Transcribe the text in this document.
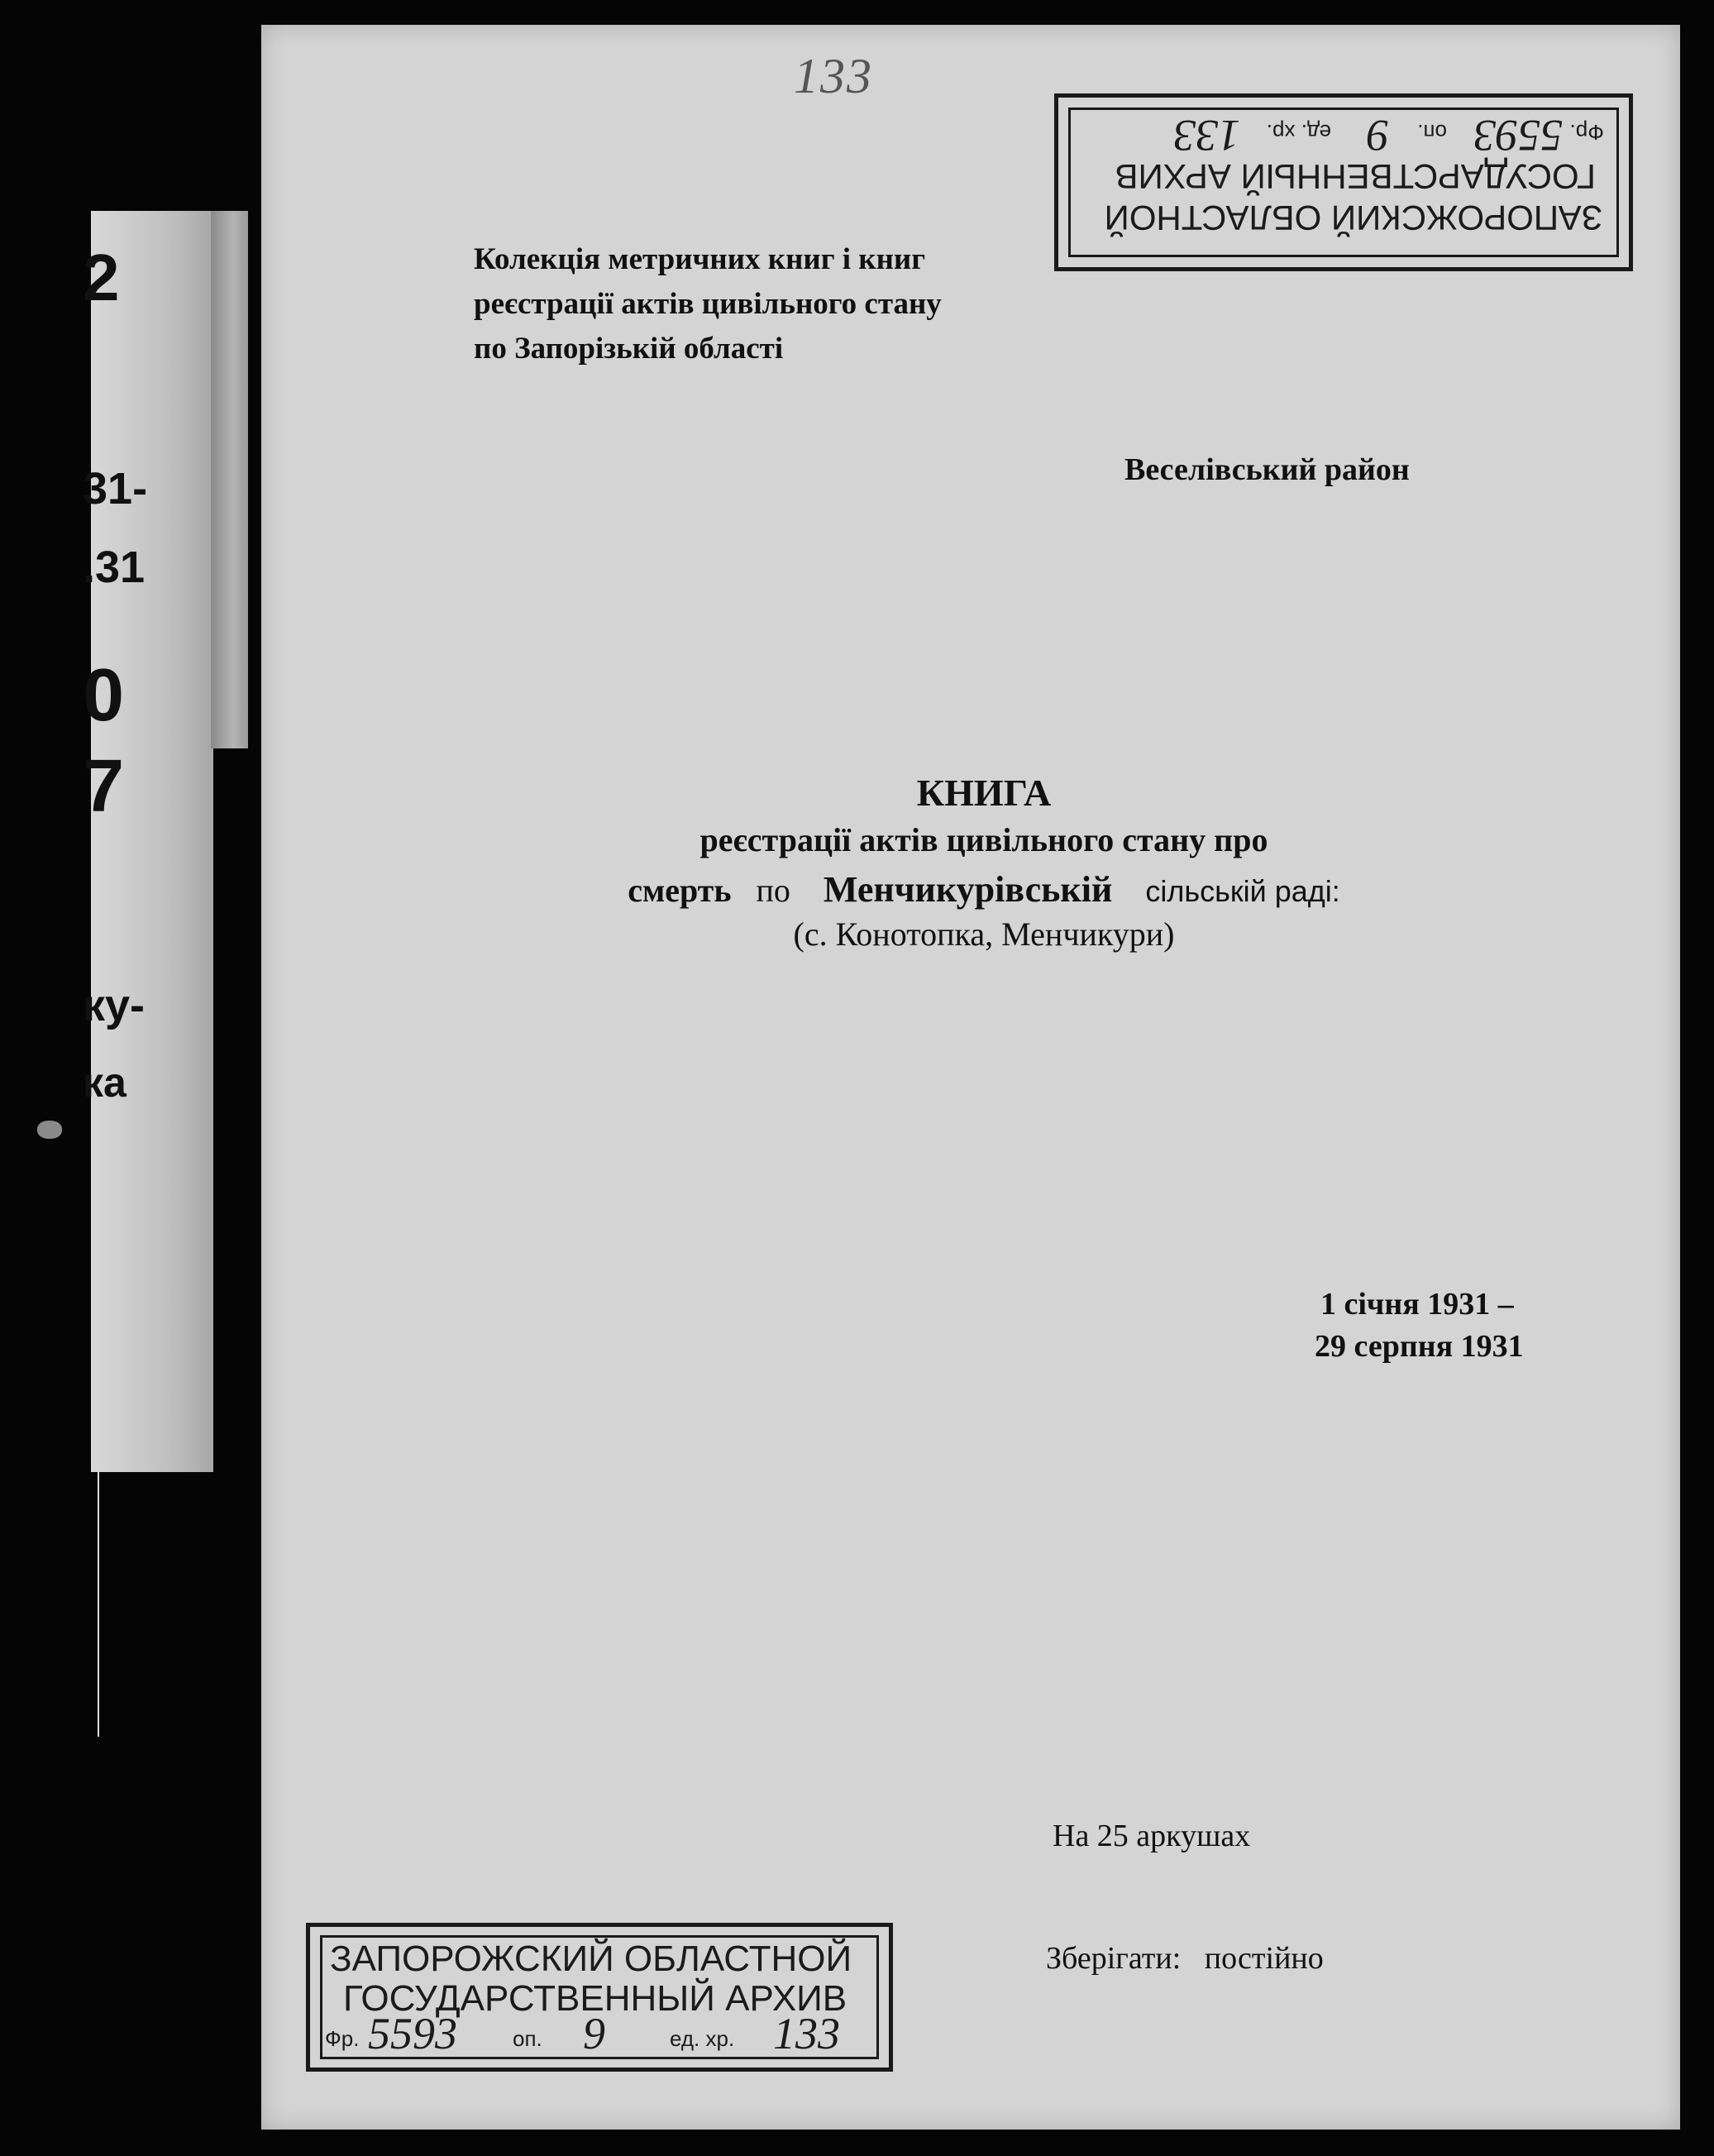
2
31-
.31
0
7
ку-
ка
133
ЗАПОРОЖСКИЙ ОБЛАСТНОЙ
ГОСУДАРСТВЕННЫЙ АРХИВ
Фр.
5593
оп.
9
ед. хр.
133
Колекція метричних книг і книг
реєстрації актів цивільного стану
по Запорізькій області
Веселівський район
КНИГА
реєстрації актів цивільного стану про
смерть по Менчикурівській сільській раді:
(с. Конотопка, Менчикури)
1 січня 1931 –
29 серпня 1931
На 25 аркушах
Зберігати: постійно
ЗАПОРОЖСКИЙ ОБЛАСТНОЙ
ГОСУДАРСТВЕННЫЙ АРХИВ
Фр. 5593	оп. 9	ед. хр. 133
